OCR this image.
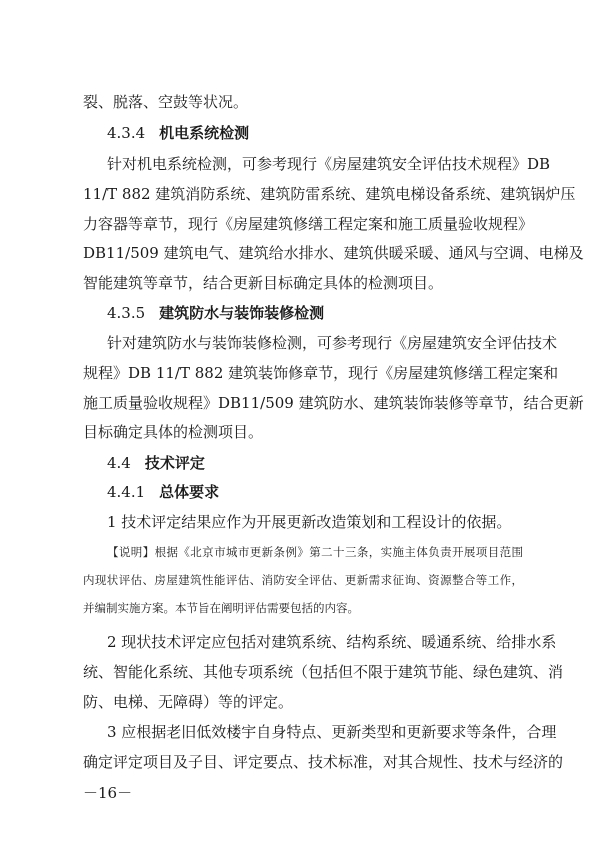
裂、脱落、空鼓等状况。
4.3.4 机电系统检测
针对机电系统检测，可参考现行《房屋建筑安全评估技术规程》DB
11/T 882 建筑消防系统、建筑防雷系统、建筑电梯设备系统、建筑锅炉压
力容器等章节，现行《房屋建筑修缮工程定案和施工质量验收规程》
DB11/509 建筑电气、建筑给水排水、建筑供暖采暖、通风与空调、电梯及
智能建筑等章节，结合更新目标确定具体的检测项目。
4.3.5 建筑防水与装饰装修检测
针对建筑防水与装饰装修检测，可参考现行《房屋建筑安全评估技术
规程》DB 11/T 882 建筑装饰修章节，现行《房屋建筑修缮工程定案和
施工质量验收规程》DB11/509 建筑防水、建筑装饰装修等章节，结合更新
目标确定具体的检测项目。
4.4 技术评定
4.4.1 总体要求
1 技术评定结果应作为开展更新改造策划和工程设计的依据。
【说明】根据《北京市城市更新条例》第二十三条，实施主体负责开展项目范围
内现状评估、房屋建筑性能评估、消防安全评估、更新需求征询、资源整合等工作，
并编制实施方案。本节旨在阐明评估需要包括的内容。
2 现状技术评定应包括对建筑系统、结构系统、暖通系统、给排水系
统、智能化系统、其他专项系统（包括但不限于建筑节能、绿色建筑、消
防、电梯、无障碍）等的评定。
3 应根据老旧低效楼宇自身特点、更新类型和更新要求等条件，合理
确定评定项目及子目、评定要点、技术标准，对其合规性、技术与经济的
－16－
